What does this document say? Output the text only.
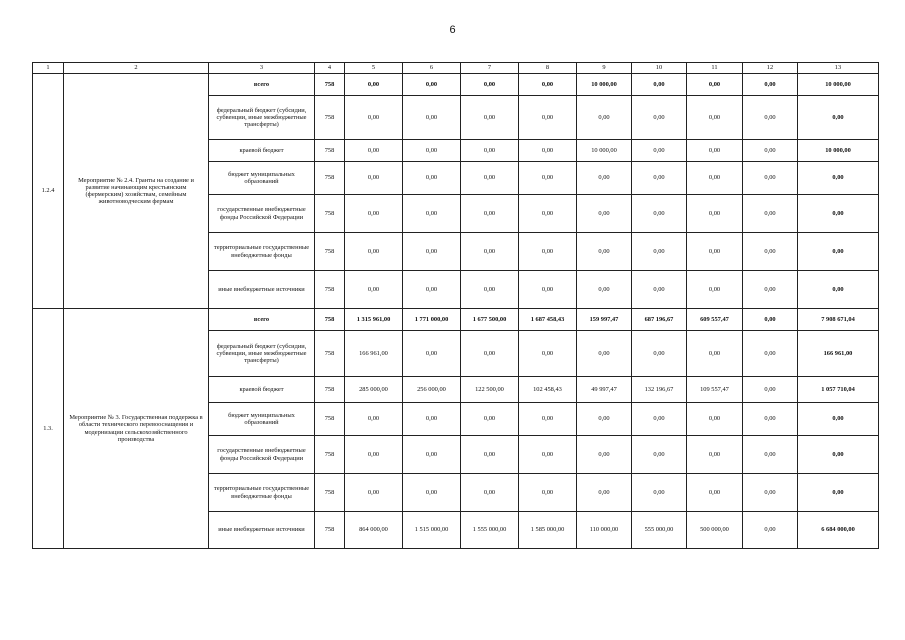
6
1	2	3	4	5	6	7	8	9	10	11	12	13
1.2.4	Мероприятие № 2.4. Гранты на создание и развитие начинающим крестьянским (фермерским) хозяйствам, семейным животноводческим фермам	всего	758	0,00	0,00	0,00	0,00	10 000,00	0,00	0,00	0,00	10 000,00
		федеральный бюджет (субсидии, субвенции, иные межбюджетные трансферты)	758	0,00	0,00	0,00	0,00	0,00	0,00	0,00	0,00	0,00
		краевой бюджет	758	0,00	0,00	0,00	0,00	10 000,00	0,00	0,00	0,00	10 000,00
		бюджет муниципальных образований	758	0,00	0,00	0,00	0,00	0,00	0,00	0,00	0,00	0,00
		государственные внебюджетные фонды Российской Федерации	758	0,00	0,00	0,00	0,00	0,00	0,00	0,00	0,00	0,00
		территориальные государственные внебюджетные фонды	758	0,00	0,00	0,00	0,00	0,00	0,00	0,00	0,00	0,00
		иные внебюджетные источники	758	0,00	0,00	0,00	0,00	0,00	0,00	0,00	0,00	0,00
1.3.	Мероприятие № 3. Государственная поддержка в области технического перевооснащения и модернизации сельскохозяйственного производства	всего	758	1 315 961,00	1 771 000,00	1 677 500,00	1 687 458,43	159 997,47	687 196,67	609 557,47	0,00	7 908 671,04
		федеральный бюджет (субсидии, субвенции, иные межбюджетные трансферты)	758	166 961,00	0,00	0,00	0,00	0,00	0,00	0,00	0,00	166 961,00
		краевой бюджет	758	285 000,00	256 000,00	122 500,00	102 458,43	49 997,47	132 196,67	109 557,47	0,00	1 057 710,04
		бюджет муниципальных образований	758	0,00	0,00	0,00	0,00	0,00	0,00	0,00	0,00	0,00
		государственные внебюджетные фонды Российской Федерации	758	0,00	0,00	0,00	0,00	0,00	0,00	0,00	0,00	0,00
		территориальные государственные внебюджетные фонды	758	0,00	0,00	0,00	0,00	0,00	0,00	0,00	0,00	0,00
		иные внебюджетные источники	758	864 000,00	1 515 000,00	1 555 000,00	1 585 000,00	110 000,00	555 000,00	500 000,00	0,00	6 684 000,00
